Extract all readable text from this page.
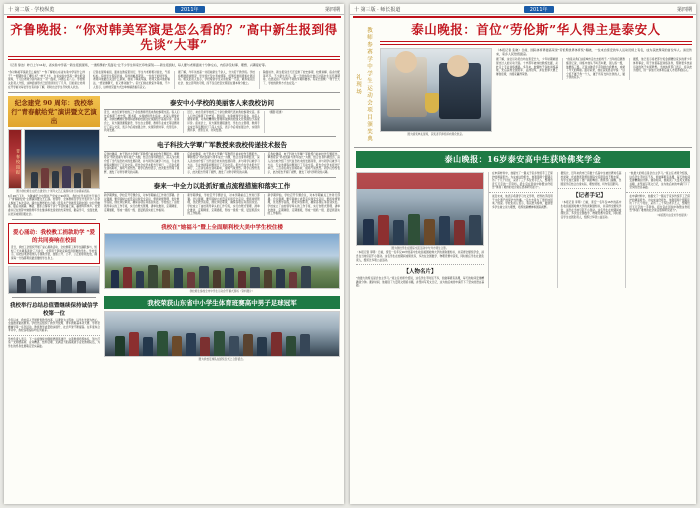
十 第二版 · 学校纵览	2011年	第四期
齐鲁晚报：“你对韩美军演是怎么看的？”高中新生报到得先谈“大事”
（记者 徐洁）昨日上午11时，省实验中学高一新生报到现场，一道特殊的“见面礼”让不少学生和家长印象深刻——新生报到时，每人要与老师面谈十分钟左右，内容涉及时事、理想、兴趣爱好等。
“你对韩美军演是怎么看的？”“你了解的山东省实验中学是什么样子？”“假期你读了哪些书？”昨天上午，在省实验中学高一新生报到现场，十几位老师分别与新生一对一面谈，问题五花八门。学校相关负责人介绍，这种面谈形式已经连续进行了几年，目的是让老师在开学前对每位学生有初步了解，同时也让学生尽快进入状态。
记者在现场看到，面谈在教室里进行，学生与老师相对而坐，气氛轻松。有的学生侃侃而谈，有的则略显紧张。一位姓王的同学说，老师问他最近关注什么新闻，他谈了韩美军演，老师又追问他的看法，“感觉像聊天，但又得动脑子”。家长们则在教室外等候，不少人表示，这样的见面方式比单纯填表格有意义。
据了解，今年该校高一共招收新生千余人，分为若干教学班。学校将根据面谈情况、学生特长及中考成绩等，统筹安排班级和社团活动。相关负责人表示，学校希望学生从进校第一天起，就养成关注社会、独立思考的习惯，而不仅仅把目光停留在课本和分数上。
除面谈外，新生报到当天还安排了校史参观、校规讲解、宿舍分配等环节。不少新生表示，第一天的体验让他们对高中生活充满期待，也感受到了与初中不同的节奏和要求。有家长感慨：“孩子长大了，学校的教育方式也在变。”
纪念建党 90 周年：我校举行“青春献给党”演讲暨文艺演出
青 春 校 园 报
图为我校师生在纪念建党九十周年文艺汇演现场进行诗朗诵表演。
6月28日下午，为隆重纪念中国共产党成立90周年，我校在学术报告厅举行了“青春献给党”主题演讲暨文艺汇演。校领导、全体教师及学生代表共计八百余人参加了本次活动。演出在激昂的大合唱《没有共产党就没有新中国》中拉开帷幕，随后诗朗诵、舞蹈、器乐合奏等十余个节目轮番上演，赢得阵阵掌声。校党委书记在致辞中勉励青年学生继承和发扬党的光荣传统，勤奋学习，全面发展，以优异成绩回报社会。
爱心涌动：我校教工捐款助学 “爱的共同奏响在校园
近日，我校工会组织开展了爱心捐助活动，全校教职工和学生踊跃参与，短短三天共募集善款三万余元，全部用于资助家庭经济困难的学生。学校表示，将把这笔款项纳入专项助学金，按照公开、公平、公正的原则发放，确保每一分钱都用到最需要的学生身上。
我校举行总结总值暨继续保持诚信学校第一位
今年以来，我校深入开展教育教学改革，以课堂为主阵地，以学生发展为核心，全面推进素质教育。学校先后组织了教学开放周、青年教师基本功大赛、学科竞赛辅导等一系列活动，教育教学质量稳步提升，社会声誉不断提高。在年度综合考评中，我校各项指标均名列前茅。
学校负责人表示，下一步将继续加强师德师风建设，完善教师培养体系，努力打造一支师德高尚、业务精湛、结构合理、充满活力的高素质专业化教师队伍，为学生的终身发展奠定坚实基础。
泰安中小学校的美丽客人来我校访问
近日，来自兄弟学校的三十余位教师代表来我校参观交流。客人们先后参观了校史馆、图书馆、实验楼和学生宿舍，并深入课堂听课，对我校精细化管理和浓厚的校园文化氛围给予高度评价。座谈会上，双方围绕课程建设、学生自主管理、教师专业成长等话题进行了深入交流，表示今后将加强合作，实现资源共享、优势互补、共同发展。
近日，来自兄弟学校的三十余位教师代表来我校参观交流。客人们先后参观了校史馆、图书馆、实验楼和学生宿舍，并深入课堂听课，对我校精细化管理和浓厚的校园文化氛围给予高度评价。座谈会上，双方围绕课程建设、学生自主管理、教师专业成长等话题进行了深入交流，表示今后将加强合作，实现资源共享、优势互补、共同发展。
（摄影 报道）
电子科技大学覃广军教授来我校传递技术报告
应我校邀请，电子科技大学覃广军教授日前来校作专题报告。覃教授以“科技创新与青年成长”为题，结合自身科研经历，深入浅出地介绍了当代信息技术的发展趋势，并与同学们就学习方法、专业选择等问题进行了互动交流。报告会在学术报告厅举行，三百余名师生到场聆听，现场气氛热烈。同学们纷纷表示，此次报告开阔了视野，激发了对科学研究的兴趣。
应我校邀请，电子科技大学覃广军教授日前来校作专题报告。覃教授以“科技创新与青年成长”为题，结合自身科研经历，深入浅出地介绍了当代信息技术的发展趋势，并与同学们就学习方法、专业选择等问题进行了互动交流。报告会在学术报告厅举行，三百余名师生到场聆听，现场气氛热烈。同学们纷纷表示，此次报告开阔了视野，激发了对科学研究的兴趣。
应我校邀请，电子科技大学覃广军教授日前来校作专题报告。覃教授以“科技创新与青年成长”为题，结合自身科研经历，深入浅出地介绍了当代信息技术的发展趋势，并与同学们就学习方法、专业选择等问题进行了互动交流。报告会在学术报告厅举行，三百余名师生到场聆听，现场气氛热烈。同学们纷纷表示，此次报告开阔了视野，激发了对科学研究的兴趣。
泰来一中全力以赴抓好重点流程措施和落实工作
新学期伊始，学校召开专题会议，对本学期重点工作进行部署。会议强调，要牢固树立质量意识和安全意识，狠抓常规管理，优化教学流程，细化岗位职责，确保各项任务落到实处。学校成立了由校领导牵头的工作专班，实行台账式管理、清单化推进，定期调度、定期通报，形成一级抓一级、层层抓落实的工作格局。
新学期伊始，学校召开专题会议，对本学期重点工作进行部署。会议强调，要牢固树立质量意识和安全意识，狠抓常规管理，优化教学流程，细化岗位职责，确保各项任务落到实处。学校成立了由校领导牵头的工作专班，实行台账式管理、清单化推进，定期调度、定期通报，形成一级抓一级、层层抓落实的工作格局。
新学期伊始，学校召开专题会议，对本学期重点工作进行部署。会议强调，要牢固树立质量意识和安全意识，狠抓常规管理，优化教学流程，细化岗位职责，确保各项任务落到实处。学校成立了由校领导牵头的工作专班，实行台账式管理、清单化推进，定期调度、定期通报，形成一级抓一级、层层抓落实的工作格局。
我校在“她福斗”暨上全面顺利校大美中学生校住楼
我校师生参加全市中学生运动会开幕式现场（资料图片）
我校荣获山东省中小学生体育班赛高中男子足球冠军
图为我校足球队在颁奖仪式上合影留念。
十 第三版 · 师长报道	2011年	第四期
教 师 参 赛 学 中 学 生 运 动 会 项 目 颁 奖 典 礼 现 场
泰山晚报：首位“劳伦斯”华人得主是泰安人
图为颁奖典礼现场，获奖者手捧奖杯向观众致意。
（本报记者 张晓）日前，国际体育界最高荣誉“劳伦斯世界体育奖”揭晓，一位来自泰安的华人运动员榜上有名，成为获此殊荣的首位华人。消息传来，家乡人民倍感振奋。
据了解，这位运动员自幼在泰安长大，少年时期就展现出过人的运动天赋。十岁那年被体校教练发掘，从此走上专业训练道路。多年来，他辗转于各地训练基地，先后获得全国冠军、亚洲冠军，并在世界大赛上屡创佳绩，为国家赢得荣誉。
“他是从我们这座城市走出去的孩子。”当年的启蒙教练回忆说，训练中他从不叫苦叫累，别人练一组，他要练三组。正是这种近乎苛刻的自我要求，成就了今天的辉煌。面对荣誉，他在获奖感言中说：“这个奖不属于我一个人，属于所有支持过我的人，属于我的家乡。”
据悉，他已表示将把部分奖金捐赠给家乡的青少年体育事业，用于改善基层训练条件，帮助更多热爱运动的孩子实现梦想。当地体育部门表示，将以此为契机，进一步加大对体育后备人才培养的投入。
泰山晚报：16岁泰安高中生获哈佛奖学金
图为我校学生在国际交流活动中与外方师生合影。
（本报记者 李明）日前，泰安一名年仅16岁的高中生收到美国哈佛大学的录取通知书，并获得全额奖学金，消息在当地引起不小轰动。这名学生在校期间成绩优异，多次在全国数学、物理竞赛中获奖，同时担任学生社团负责人，组织过多项公益活动。
【人物名片】
“他最大的特点是会自主学习。”班主任老师介绍说，这名学生平时话不多，但做事极有条理，每天的时间安排精确到分钟。课余时间，他阅读了大量英文原版书籍，并坚持写英文日记，这为他后来的申请打下了坚实的语言基础。
在申请材料中，他提交了一篇关于家乡传统手工艺保护的调查报告。为完成这份报告，他利用两个假期走访了十几个村庄，采访了三十多位老手艺人，整理出近五万字的一手资料。招生官在回信中称赞这份报告“体现了难得的社会责任感和研究能力”。
谈及未来，他表示希望学习交叉学科，把科技手段用于文化遗产的保护与传播。“走出去是为了更好地回来。”他说。学校负责人表示，将以此为榜样，鼓励更多学生树立远大理想，培养创新精神和国际视野。
据统计，近年来我市已有数十名高中生被世界知名高校录取，优质教育资源和国际交流项目的不断丰富，为学生成长提供了更广阔的舞台。教育部门提醒，出国留学应结合自身实际，理性规划，切勿盲目跟风。
【记者手记】
（本报记者 李明）日前，泰安一名年仅16岁的高中生收到美国哈佛大学的录取通知书，并获得全额奖学金，消息在当地引起不小轰动。这名学生在校期间成绩优异，多次在全国数学、物理竞赛中获奖，同时担任学生社团负责人，组织过多项公益活动。
“他最大的特点是会自主学习。”班主任老师介绍说，这名学生平时话不多，但做事极有条理，每天的时间安排精确到分钟。课余时间，他阅读了大量英文原版书籍，并坚持写英文日记，这为他后来的申请打下了坚实的语言基础。
在申请材料中，他提交了一篇关于家乡传统手工艺保护的调查报告。为完成这份报告，他利用两个假期走访了十几个村庄，采访了三十多位老手艺人，整理出近五万字的一手资料。招生官在回信中称赞这份报告“体现了难得的社会责任感和研究能力”。
（本版图片由受访学校提供）
